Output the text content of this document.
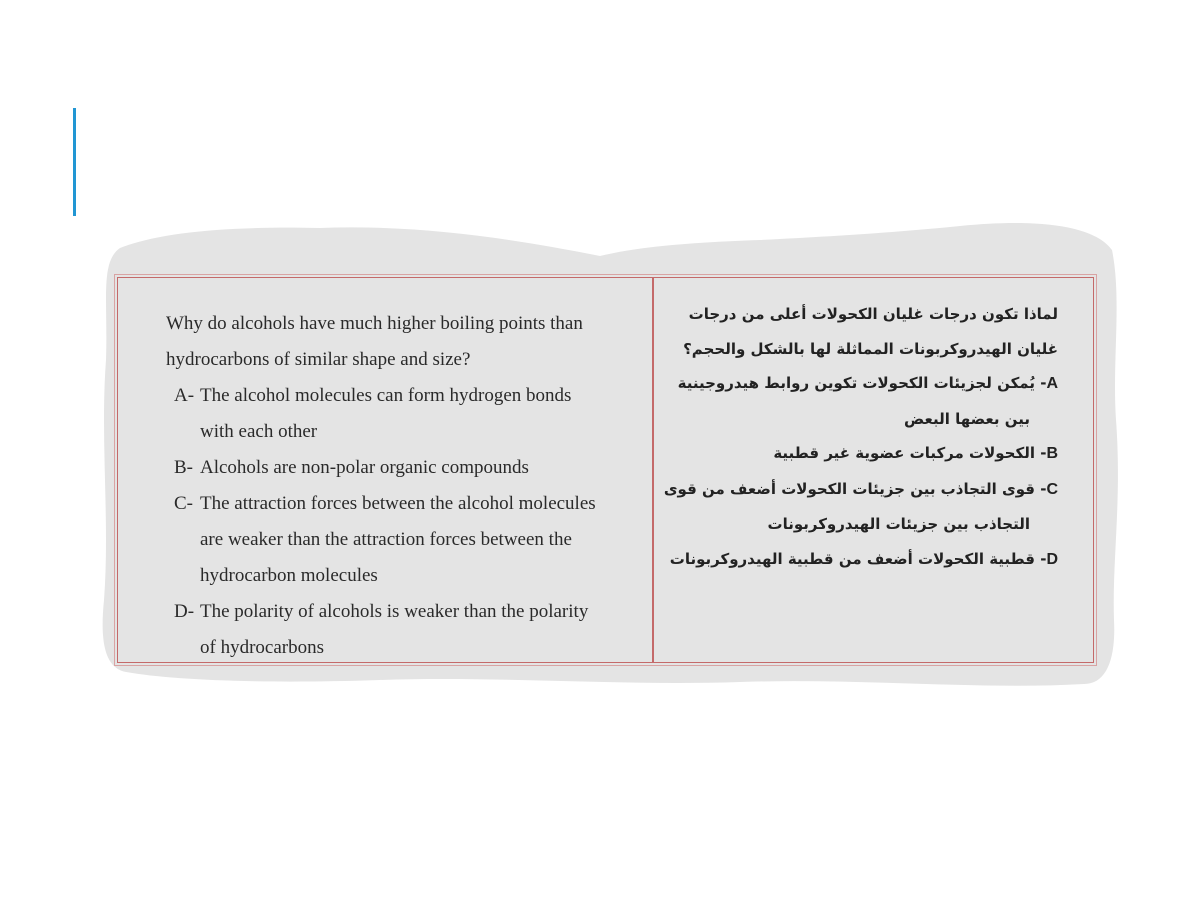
Why do alcohols have much higher boiling points than
hydrocarbons of similar shape and size?
A- The alcohol molecules can form hydrogen bonds
with each other
B- Alcohols are non-polar organic compounds
C- The attraction forces between the alcohol molecules
are weaker than the attraction forces between the
hydrocarbon molecules
D- The polarity of alcohols is weaker than the polarity
of hydrocarbons
لماذا تكون درجات غليان الكحولات أعلى من درجات
غليان الهيدروكربونات المماثلة لها بالشكل والحجم؟
A- يُمكن لجزيئات الكحولات تكوين روابط هيدروجينية
بين بعضها البعض
B- الكحولات مركبات عضوية غير قطبية
C- قوى التجاذب بين جزيئات الكحولات أضعف من قوى
التجاذب بين جزيئات الهيدروكربونات
D- قطبية الكحولات أضعف من قطبية الهيدروكربونات
